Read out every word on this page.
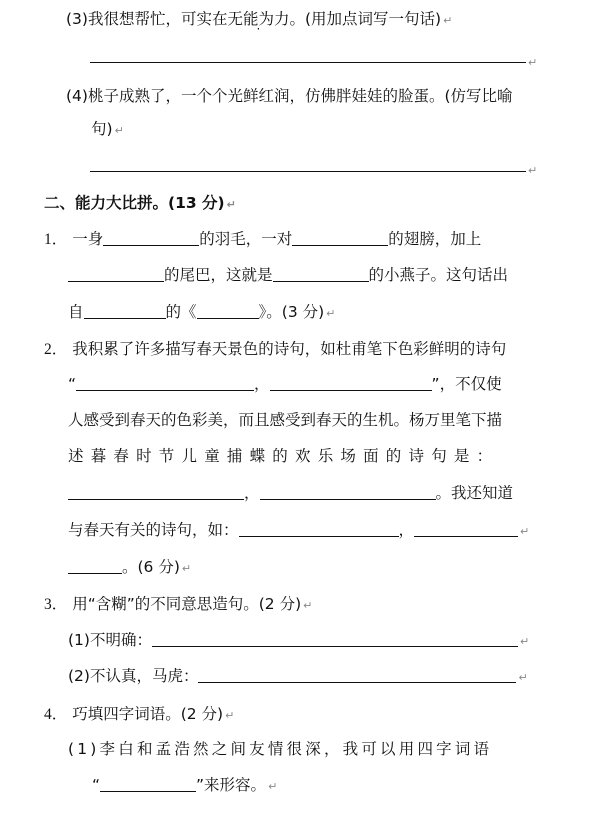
(3)我很想帮忙，可实在无能为力。(用加点词写一句话) ↵
↵
(4)桃子成熟了，一个个光鲜红润，仿佛胖娃娃的脸蛋。(仿写比喻
句) ↵
↵
二、能力大比拼。(13 分) ↵
1． 一身	的羽毛，一对	的翅膀，加上
的尾巴，这就是	的小燕子。这句话出
自	的《	》。(3 分) ↵
2． 我积累了许多描写春天景色的诗句，如杜甫笔下色彩鲜明的诗句
“	，	”，不仅使
人感受到春天的色彩美，而且感受到春天的生机。杨万里笔下描
述暮春时节儿童捕蝶的欢乐场面的诗句是：
，	。我还知道
与春天有关的诗句，如：	，	↵
。(6 分) ↵
3． 用“含糊”的不同意思造句。(2 分) ↵
(1)不明确：	↵
(2)不认真，马虎：	↵
4． 巧填四字词语。(2 分) ↵
(1)李白和孟浩然之间友情很深，我可以用四字词语
“	”来形容。 ↵
